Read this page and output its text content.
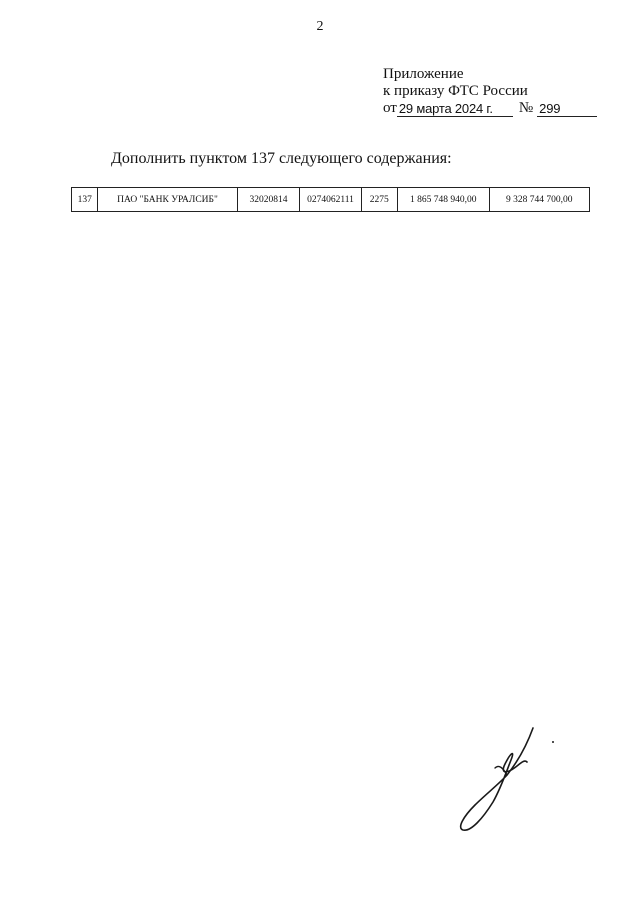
2
Приложение
к приказу ФТС России
от 29 марта 2024 г.	№ 299
Дополнить пунктом 137 следующего содержания:
137	ПАО "БАНК УРАЛСИБ"	32020814	0274062111	2275	1 865 748 940,00	9 328 744 700,00
